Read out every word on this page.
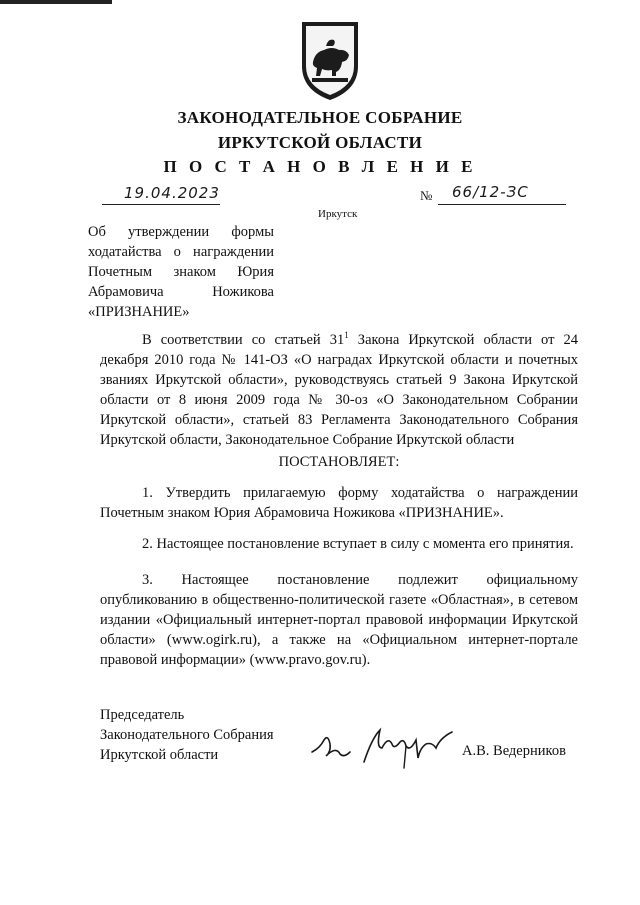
ЗАКОНОДАТЕЛЬНОЕ СОБРАНИЕ
ИРКУТСКОЙ ОБЛАСТИ
П О С Т А Н О В Л Е Н И Е
19.04.2023	№ 66/12-ЗС
Иркутск
Об утверждении формы ходатайства о награждении Почетным знаком Юрия Абрамовича Ножикова «ПРИЗНАНИЕ»
В соответствии со статьей $31^1$ Закона Иркутской области от 24 декабря 2010 года № 141-ОЗ «О наградах Иркутской области и почетных званиях Иркутской области», руководствуясь статьей 9 Закона Иркутской области от 8 июня 2009 года № 30-оз «О Законодательном Собрании Иркутской области», статьей 83 Регламента Законодательного Собрания Иркутской области, Законодательное Собрание Иркутской области
ПОСТАНОВЛЯЕТ:
1. Утвердить прилагаемую форму ходатайства о награждении Почетным знаком Юрия Абрамовича Ножикова «ПРИЗНАНИЕ».
2. Настоящее постановление вступает в силу с момента его принятия.
3. Настоящее постановление подлежит официальному опубликованию в общественно-политической газете «Областная», в сетевом издании «Официальный интернет-портал правовой информации Иркутской области» (www.ogirk.ru), а также на «Официальном интернет-портале правовой информации» (www.pravo.gov.ru).
Председатель
Законодательного Собрания
Иркутской области	А.В. Ведерников
